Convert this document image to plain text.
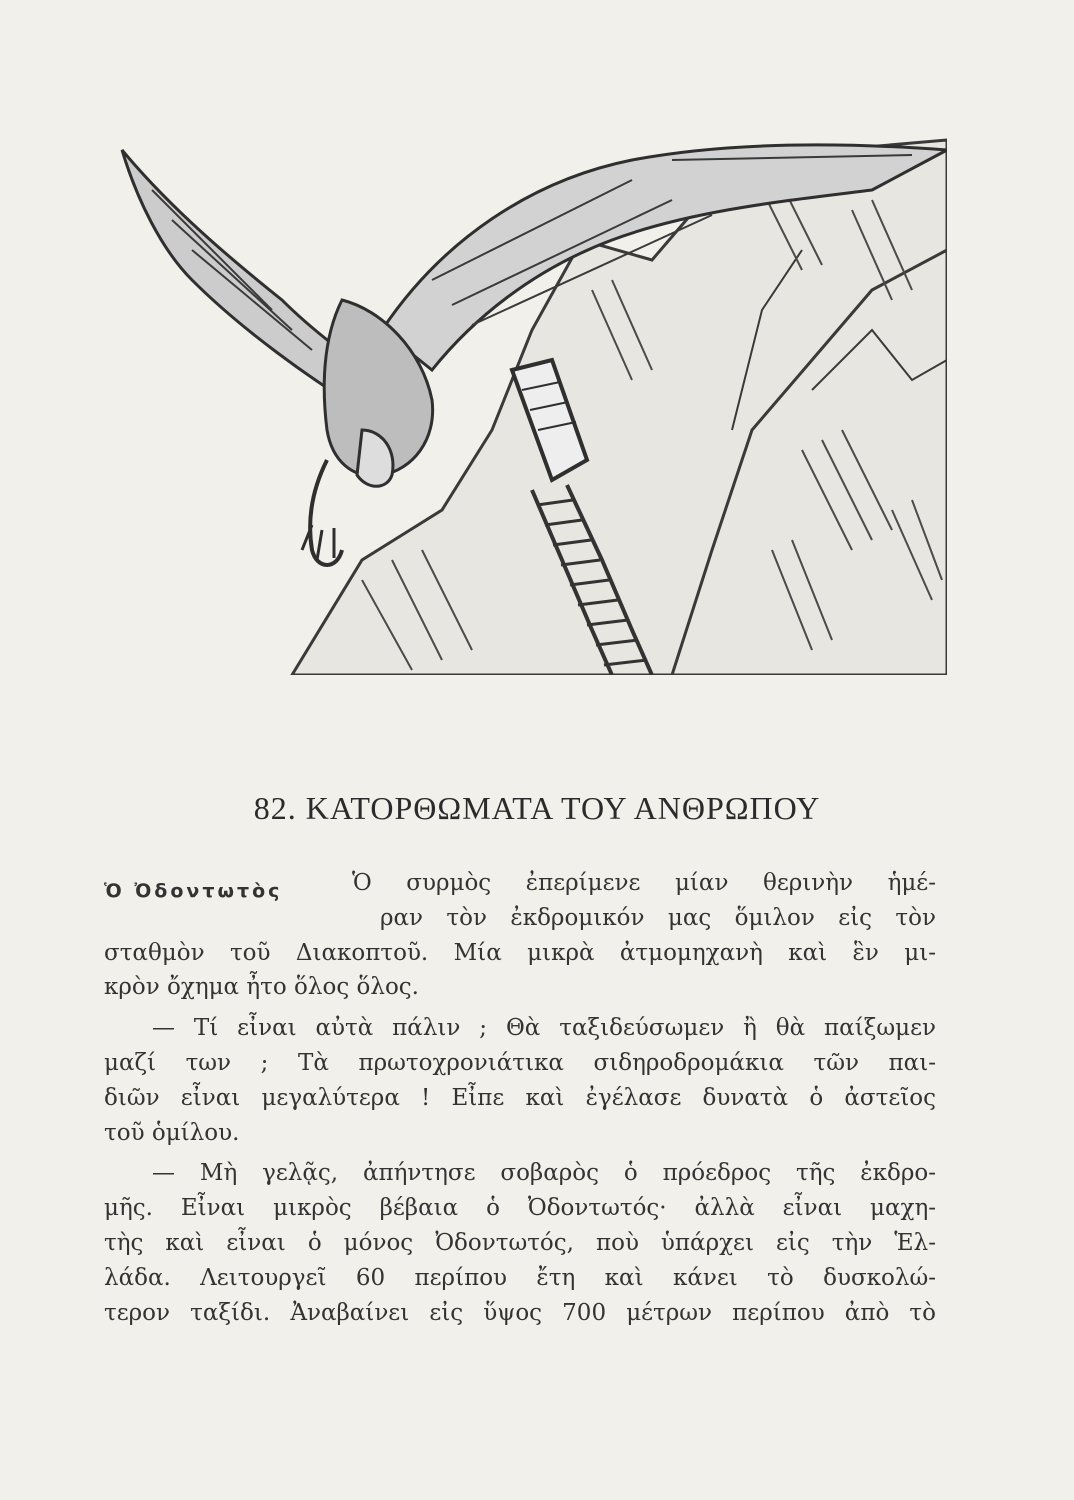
82. ΚΑΤΟΡΘΩΜΑΤΑ ΤΟΥ ΑΝΘΡΩΠΟΥ
Ὁ Ὀδοντωτὸς	Ὁ συρμὸς ἐπερίμενε μίαν θερινὴν ἡμέ-
ραν τὸν ἐκδρομικόν μας ὅμιλον εἰς τὸν
σταθμὸν τοῦ Διακοπτοῦ. Μία μικρὰ ἀτμομηχανὴ καὶ ἓν μι-
κρὸν ὄχημα ἦτο ὅλος ὅλος.
— Τί εἶναι αὐτὰ πάλιν ; Θὰ ταξιδεύσωμεν ἢ θὰ παίξωμεν
μαζί των ; Τὰ πρωτοχρονιάτικα σιδηροδρομάκια τῶν παι-
διῶν εἶναι μεγαλύτερα ! Εἶπε καὶ ἐγέλασε δυνατὰ ὁ ἀστεῖος
τοῦ ὁμίλου.
— Μὴ γελᾷς, ἀπήντησε σοβαρὸς ὁ πρόεδρος τῆς ἐκδρο-
μῆς. Εἶναι μικρὸς βέβαια ὁ Ὀδοντωτός· ἀλλὰ εἶναι μαχη-
τὴς καὶ εἶναι ὁ μόνος Ὀδοντωτός, ποὺ ὑπάρχει εἰς τὴν Ἑλ-
λάδα. Λειτουργεῖ 60 περίπου ἔτη καὶ κάνει τὸ δυσκολώ-
τερον ταξίδι. Ἀναβαίνει εἰς ὕψος 700 μέτρων περίπου ἀπὸ τὸ
